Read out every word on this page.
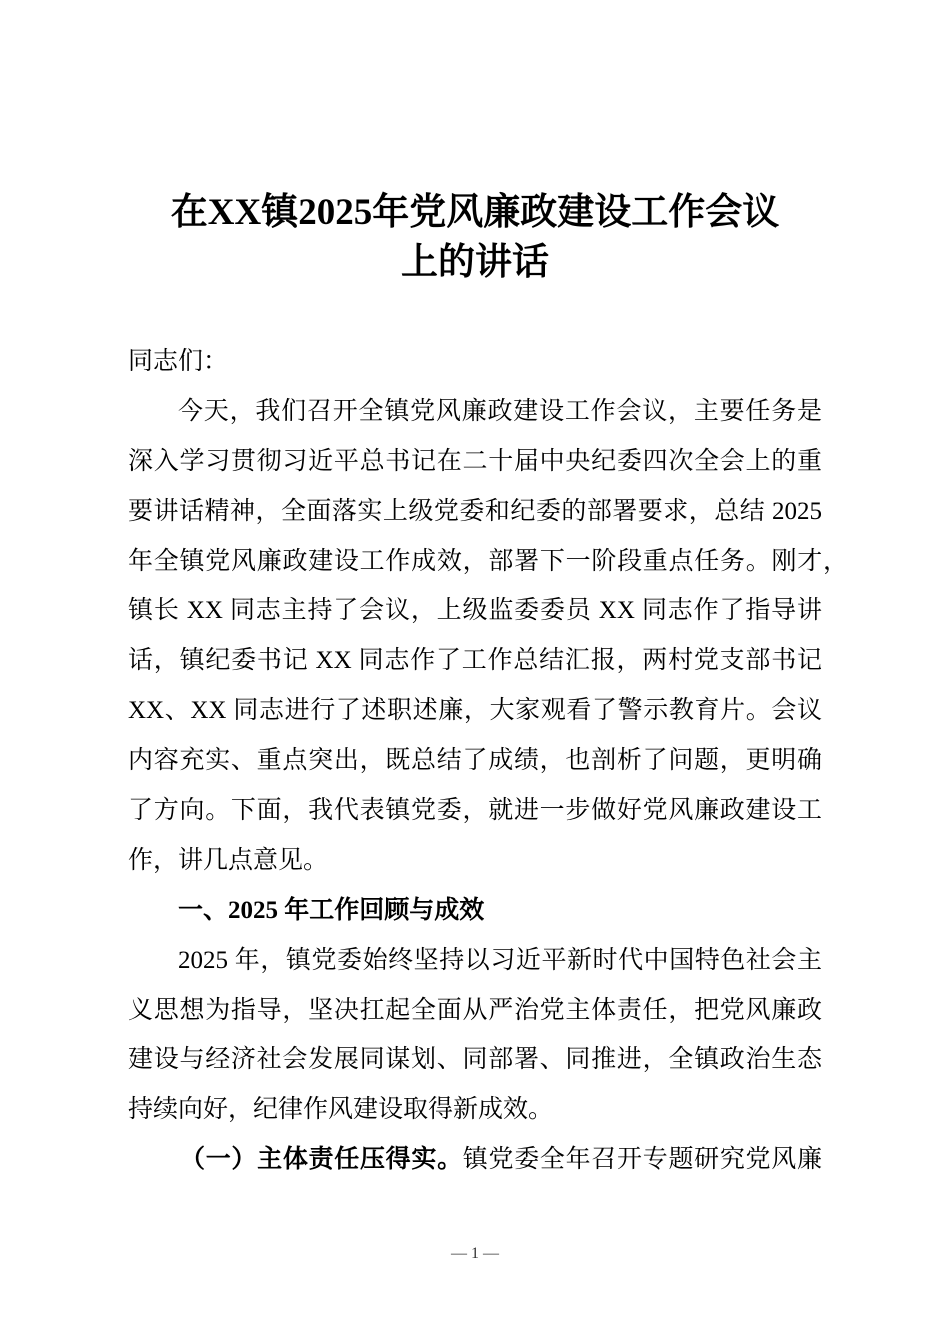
在XX镇2025年党风廉政建设工作会议
上的讲话
同志们：
今天，我们召开全镇党风廉政建设工作会议，主要任务是
深入学习贯彻习近平总书记在二十届中央纪委四次全会上的重
要讲话精神，全面落实上级党委和纪委的部署要求，总结 2025
年全镇党风廉政建设工作成效，部署下一阶段重点任务。刚才，
镇长 XX 同志主持了会议，上级监委委员 XX 同志作了指导讲
话，镇纪委书记 XX 同志作了工作总结汇报，两村党支部书记
XX、XX 同志进行了述职述廉，大家观看了警示教育片。会议
内容充实、重点突出，既总结了成绩，也剖析了问题，更明确
了方向。下面，我代表镇党委，就进一步做好党风廉政建设工
作，讲几点意见。
一、2025 年工作回顾与成效
2025 年，镇党委始终坚持以习近平新时代中国特色社会主
义思想为指导，坚决扛起全面从严治党主体责任，把党风廉政
建设与经济社会发展同谋划、同部署、同推进，全镇政治生态
持续向好，纪律作风建设取得新成效。
（一）主体责任压得实。镇党委全年召开专题研究党风廉
— 1 —
